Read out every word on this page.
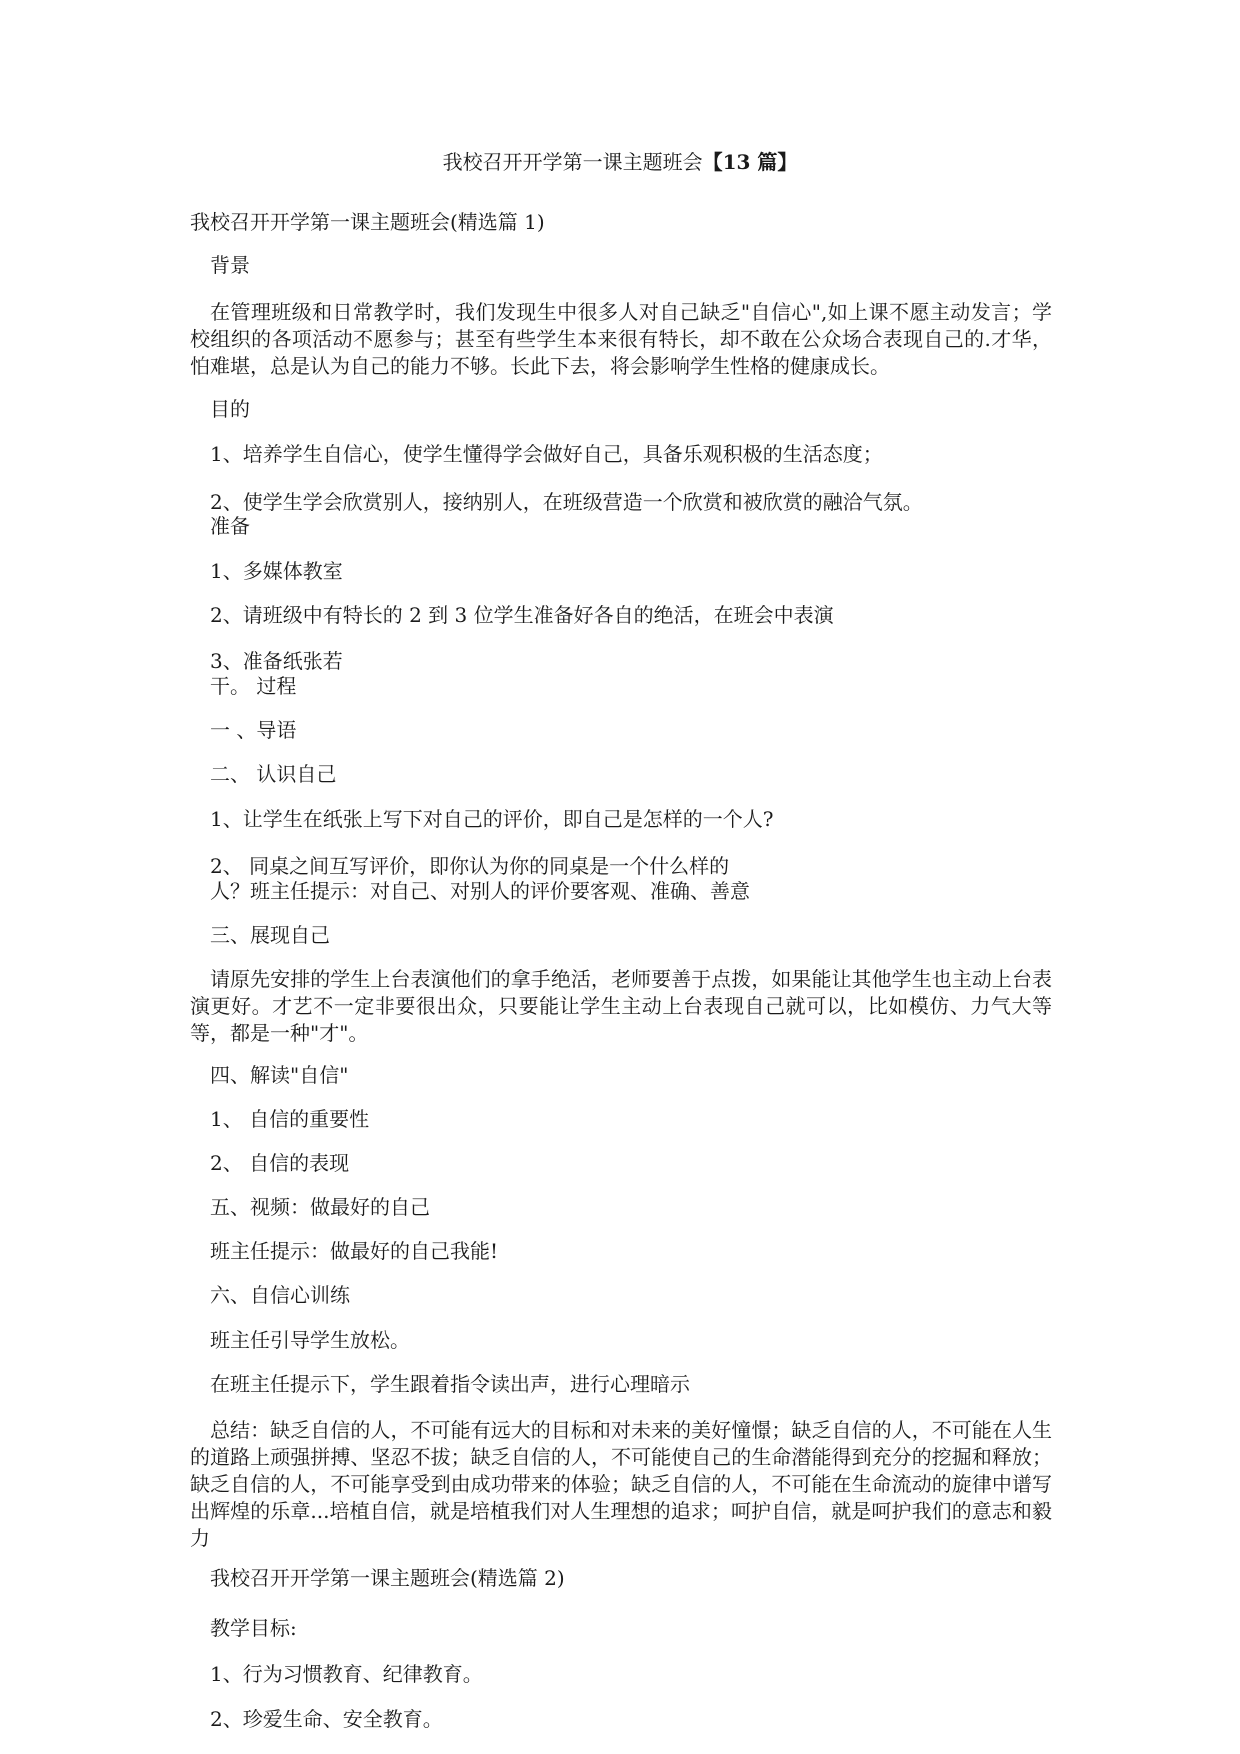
我校召开开学第一课主题班会【13 篇】
我校召开开学第一课主题班会(精选篇 1)
背景
在管理班级和日常教学时，我们发现生中很多人对自己缺乏"自信心",如上课不愿主动发言；学校组织的各项活动不愿参与；甚至有些学生本来很有特长，却不敢在公众场合表现自己的.才华，怕难堪，总是认为自己的能力不够。长此下去，将会影响学生性格的健康成长。
目的
1、培养学生自信心，使学生懂得学会做好自己，具备乐观积极的生活态度；
2、使学生学会欣赏别人，接纳别人，在班级营造一个欣赏和被欣赏的融洽气氛。
准备
1、多媒体教室
2、请班级中有特长的 2 到 3 位学生准备好各自的绝活，在班会中表演
3、准备纸张若
干。 过程
一 、导语
二、 认识自己
1、让学生在纸张上写下对自己的评价，即自己是怎样的一个人?
2、 同桌之间互写评价，即你认为你的同桌是一个什么样的
人？班主任提示：对自己、对别人的评价要客观、准确、善意
三、展现自己
请原先安排的学生上台表演他们的拿手绝活，老师要善于点拨，如果能让其他学生也主动上台表演更好。才艺不一定非要很出众，只要能让学生主动上台表现自己就可以，比如模仿、力气大等等，都是一种"才"。
四、解读"自信"
1、 自信的重要性
2、 自信的表现
五、视频：做最好的自己
班主任提示：做最好的自己我能!
六、自信心训练
班主任引导学生放松。
在班主任提示下，学生跟着指令读出声，进行心理暗示
总结：缺乏自信的人，不可能有远大的目标和对未来的美好憧憬；缺乏自信的人，不可能在人生的道路上顽强拼搏、坚忍不拔；缺乏自信的人，不可能使自己的生命潜能得到充分的挖掘和释放；缺乏自信的人，不可能享受到由成功带来的体验；缺乏自信的人，不可能在生命流动的旋律中谱写出辉煌的乐章...培植自信，就是培植我们对人生理想的追求；呵护自信，就是呵护我们的意志和毅力
我校召开开学第一课主题班会(精选篇 2)
教学目标:
1、行为习惯教育、纪律教育。
2、珍爱生命、安全教育。
